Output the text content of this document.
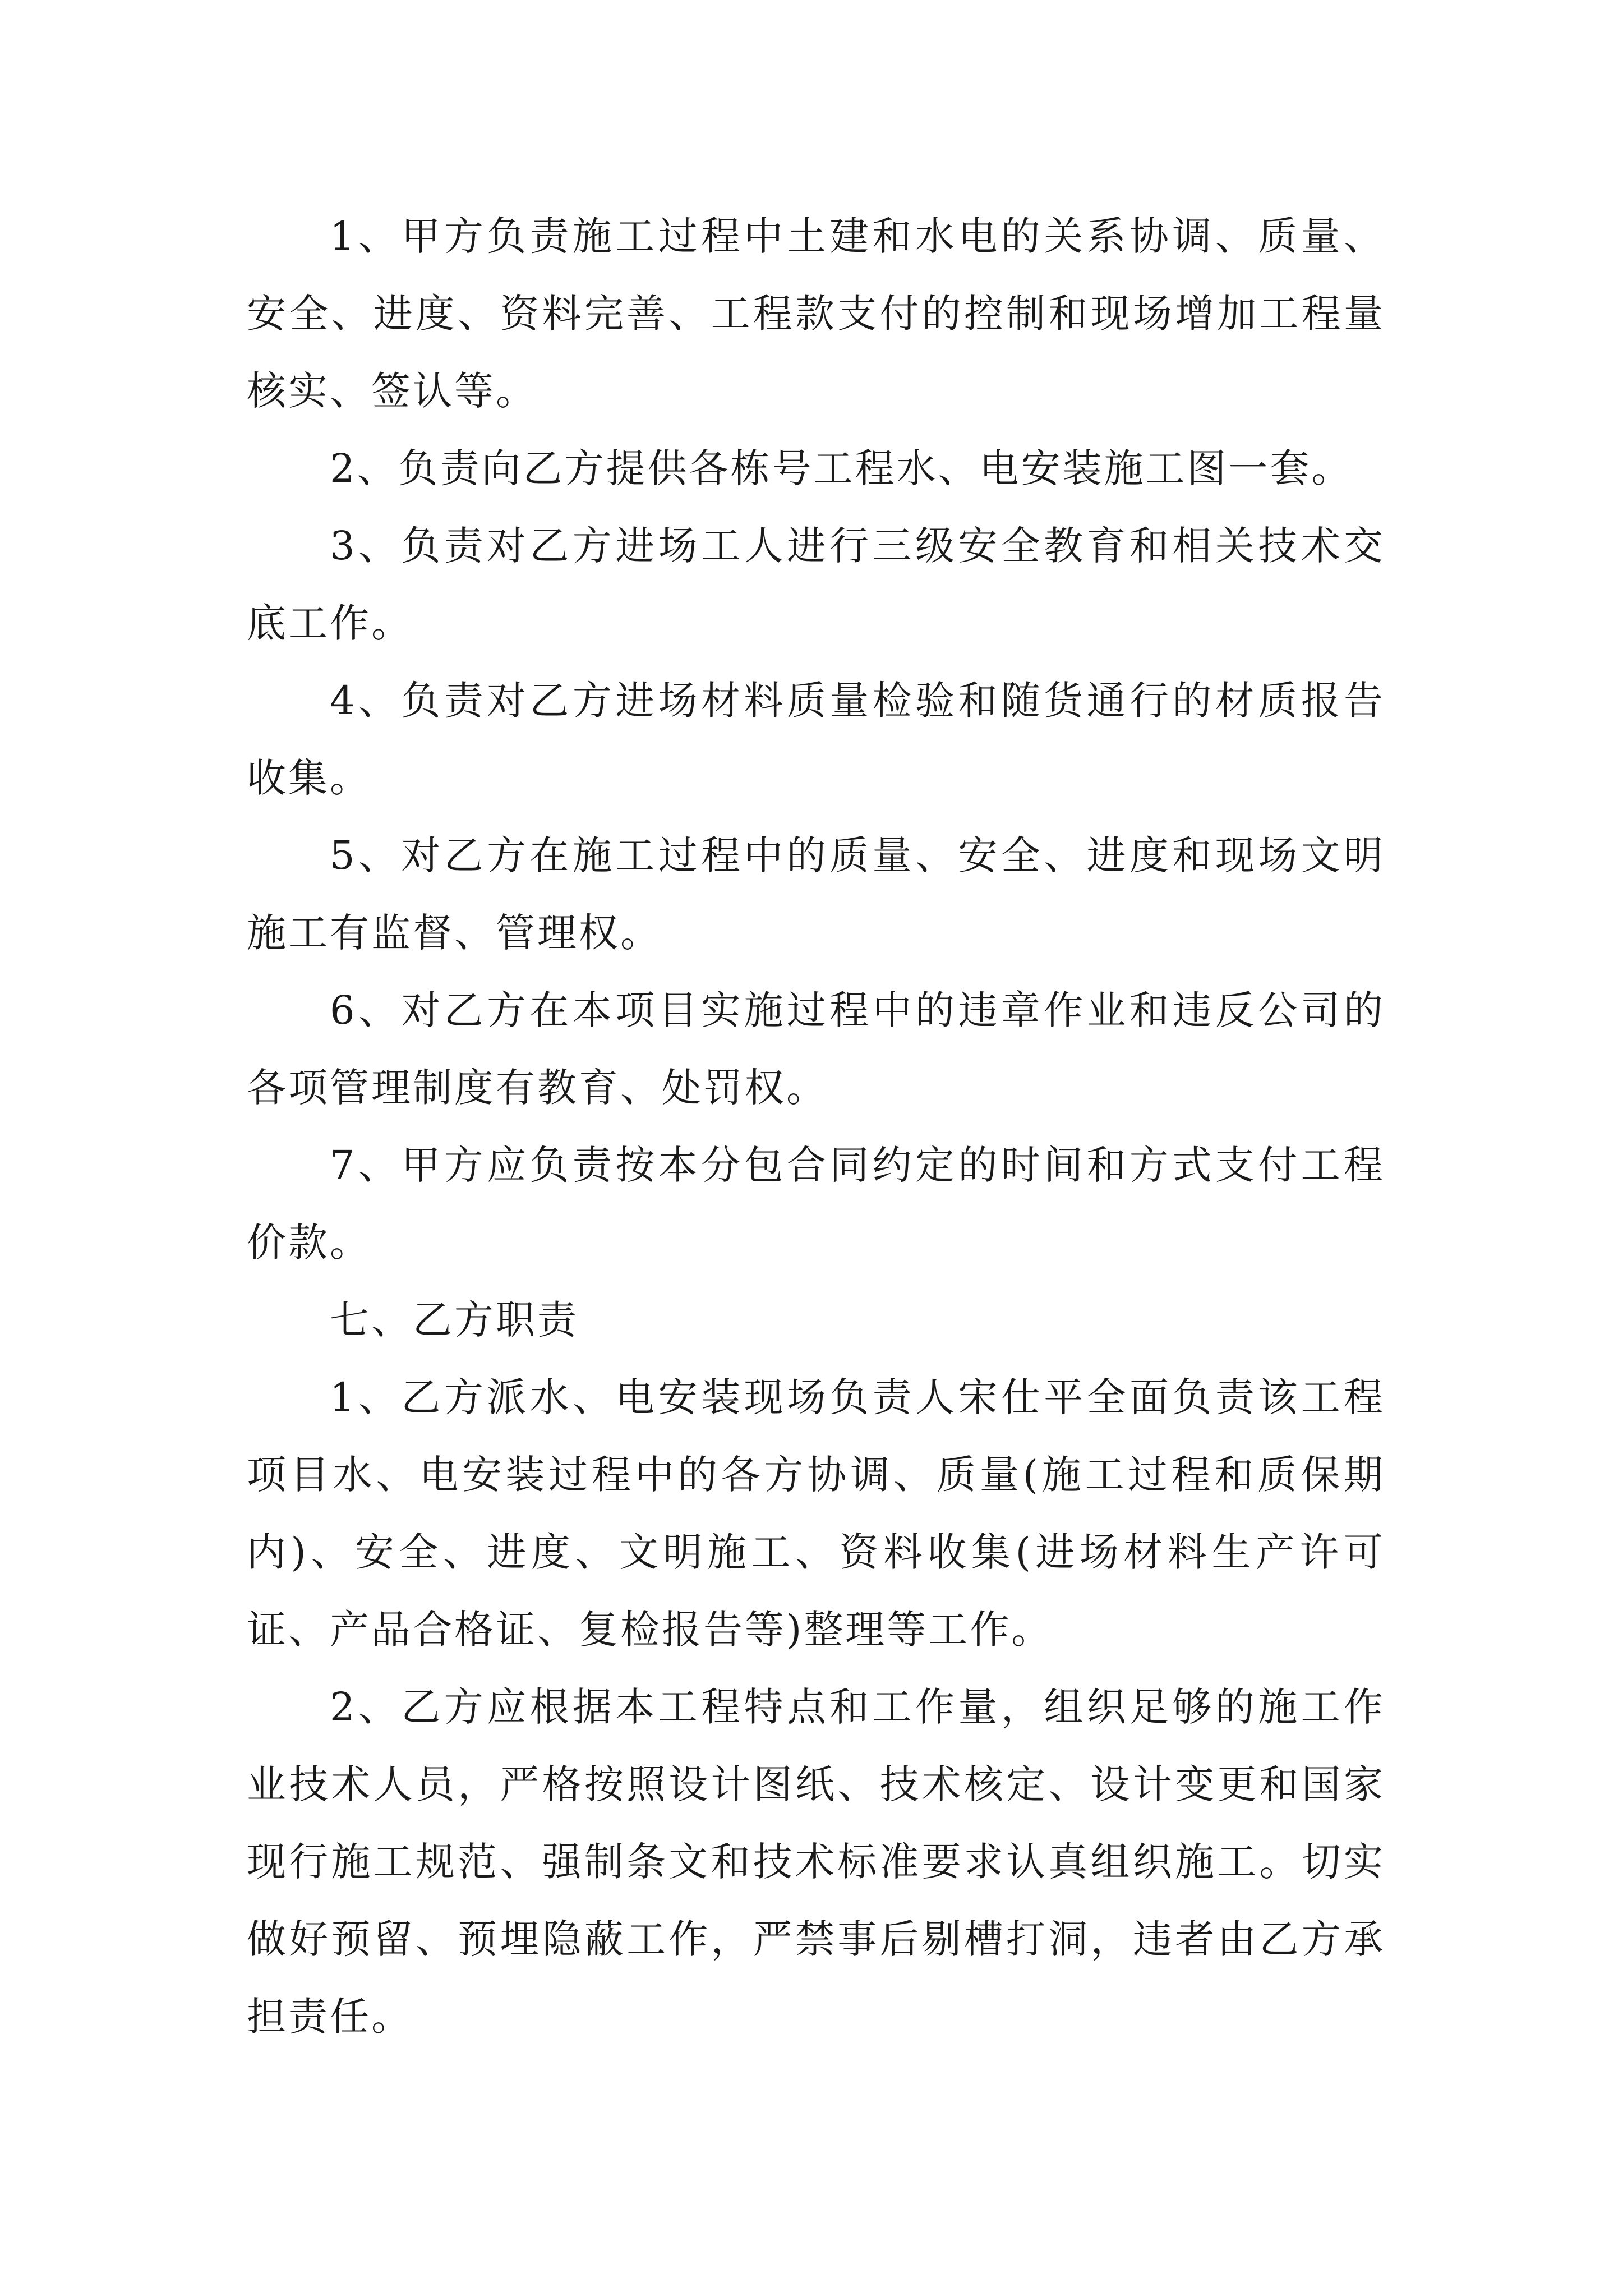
1、甲方负责施工过程中土建和水电的关系协调、质量、安全、进度、资料完善、工程款支付的控制和现场增加工程量核实、签认等。

2、负责向乙方提供各栋号工程水、电安装施工图一套。

3、负责对乙方进场工人进行三级安全教育和相关技术交底工作。

4、负责对乙方进场材料质量检验和随货通行的材质报告收集。

5、对乙方在施工过程中的质量、安全、进度和现场文明施工有监督、管理权。

6、对乙方在本项目实施过程中的违章作业和违反公司的各项管理制度有教育、处罚权。

7、甲方应负责按本分包合同约定的时间和方式支付工程价款。

七、乙方职责

1、乙方派水、电安装现场负责人宋仕平全面负责该工程项目水、电安装过程中的各方协调、质量(施工过程和质保期内)、安全、进度、文明施工、资料收集(进场材料生产许可证、产品合格证、复检报告等)整理等工作。

2、乙方应根据本工程特点和工作量，组织足够的施工作业技术人员，严格按照设计图纸、技术核定、设计变更和国家现行施工规范、强制条文和技术标准要求认真组织施工。切实做好预留、预埋隐蔽工作，严禁事后剔槽打洞，违者由乙方承担责任。
